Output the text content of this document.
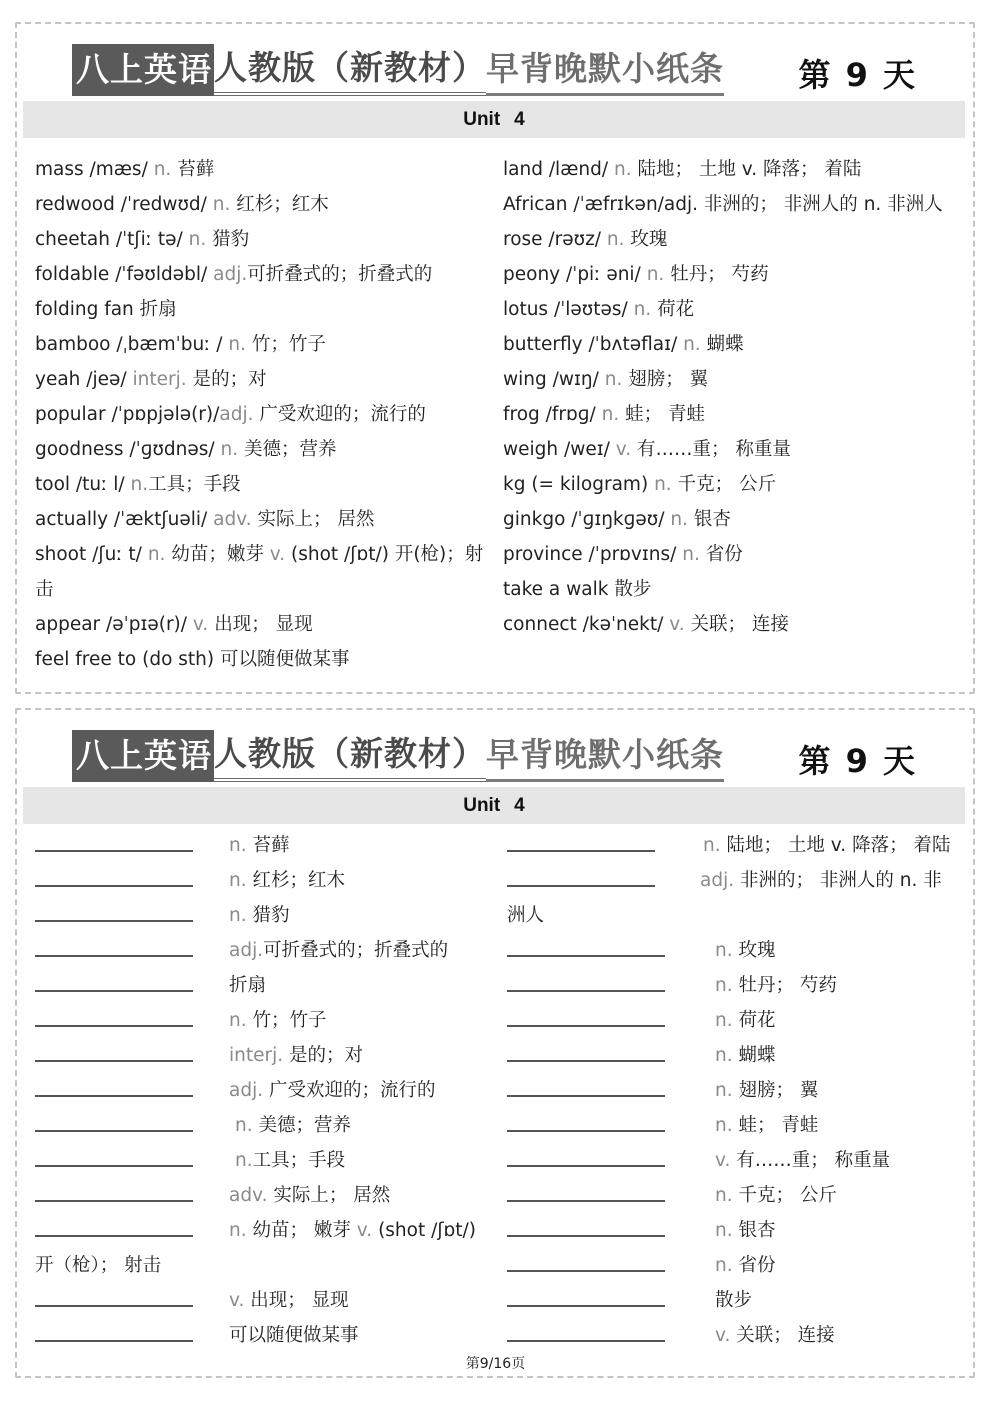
八上英语 人教版（新教材） 早背晚默小纸条 第 9 天
Unit 4
mass /mæs/ n. 苔藓
redwood /ˈredwʊd/ n. 红杉；红木
cheetah /ˈtʃiː tə/ n. 猎豹
foldable /ˈfəʊldəbl/ adj.可折叠式的；折叠式的
folding fan 折扇
bamboo /ˌbæmˈbuː / n. 竹；竹子
yeah /jeə/ interj. 是的；对
popular /ˈpɒpjələ(r)/adj. 广受欢迎的；流行的
goodness /ˈɡʊdnəs/ n. 美德；营养
tool /tuː l/ n.工具；手段
actually /ˈæktʃuəli/ adv. 实际上； 居然
shoot /ʃuː t/ n. 幼苗；嫩芽 v. (shot /ʃɒt/) 开(枪)；射击
appear /əˈpɪə(r)/ v. 出现； 显现
feel free to (do sth) 可以随便做某事
land /lænd/ n. 陆地； 土地 v. 降落； 着陆
African /ˈæfrɪkən/adj. 非洲的； 非洲人的 n. 非洲人
rose /rəʊz/ n. 玫瑰
peony /ˈpiː əni/ n. 牡丹； 芍药
lotus /ˈləʊtəs/ n. 荷花
butterfly /ˈbʌtəflaɪ/ n. 蝴蝶
wing /wɪŋ/ n. 翅膀； 翼
frog /frɒɡ/ n. 蛙； 青蛙
weigh /weɪ/ v. 有……重； 称重量
kg (= kilogram) n. 千克； 公斤
ginkgo /ˈɡɪŋkɡəʊ/ n. 银杏
province /ˈprɒvɪns/ n. 省份
take a walk 散步
connect /kəˈnekt/ v. 关联； 连接
八上英语 人教版（新教材） 早背晚默小纸条 第 9 天
Unit 4
n. 苔藓
n. 红杉；红木
n. 猎豹
adj.可折叠式的；折叠式的
折扇
n. 竹；竹子
interj. 是的；对
adj. 广受欢迎的；流行的
n. 美德；营养
n.工具；手段
adv. 实际上； 居然
n. 幼苗； 嫩芽 v. (shot /ʃɒt/)
开（枪）； 射击
v. 出现； 显现
可以随便做某事
n. 陆地； 土地 v. 降落； 着陆
adj. 非洲的； 非洲人的 n. 非
洲人
n. 玫瑰
n. 牡丹； 芍药
n. 荷花
n. 蝴蝶
n. 翅膀； 翼
n. 蛙； 青蛙
v. 有……重； 称重量
n. 千克； 公斤
n. 银杏
n. 省份
散步
v. 关联； 连接
第9/16页
